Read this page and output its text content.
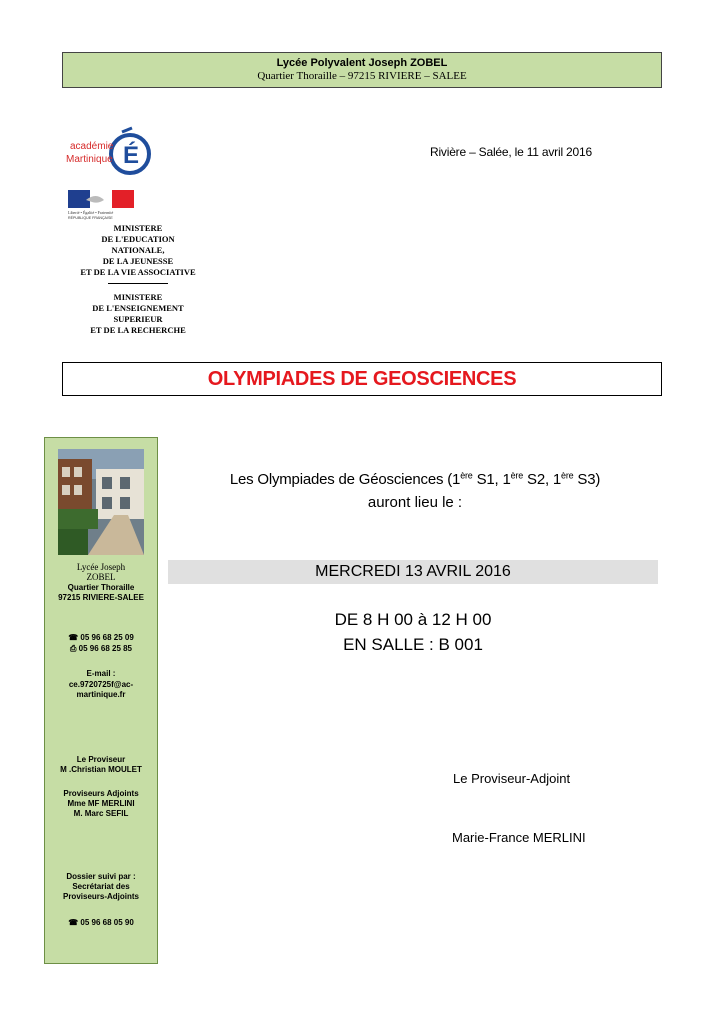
Lycée Polyvalent Joseph ZOBEL
Quartier Thoraille – 97215 RIVIERE – SALEE
É
académie
Martinique
Liberté • Égalité • Fraternité
RÉPUBLIQUE FRANÇAISE
MINISTERE
DE L'EDUCATION
NATIONALE,
DE LA JEUNESSE
ET DE LA VIE ASSOCIATIVE
MINISTERE
DE L'ENSEIGNEMENT
SUPERIEUR
ET DE LA RECHERCHE
Rivière – Salée, le 11 avril 2016
OLYMPIADES DE GEOSCIENCES
Lycée Joseph
ZOBEL
Quartier Thoraille
97215 RIVIERE-SALEE
☎ 05 96 68 25 09
⎙ 05 96 68 25 85
E-mail :
ce.9720725f@ac-
martinique.fr
Le Proviseur
M .Christian MOULET
Proviseurs Adjoints
Mme MF MERLINI
M. Marc SEFIL
Dossier suivi par :
Secrétariat des
Proviseurs-Adjoints
☎ 05 96 68 05 90
Les Olympiades de Géosciences (1ère S1, 1ère S2, 1ère S3)
auront lieu le :
MERCREDI 13 AVRIL 2016
DE 8 H 00 à 12 H 00
EN SALLE : B 001
Le Proviseur-Adjoint
Marie-France MERLINI
